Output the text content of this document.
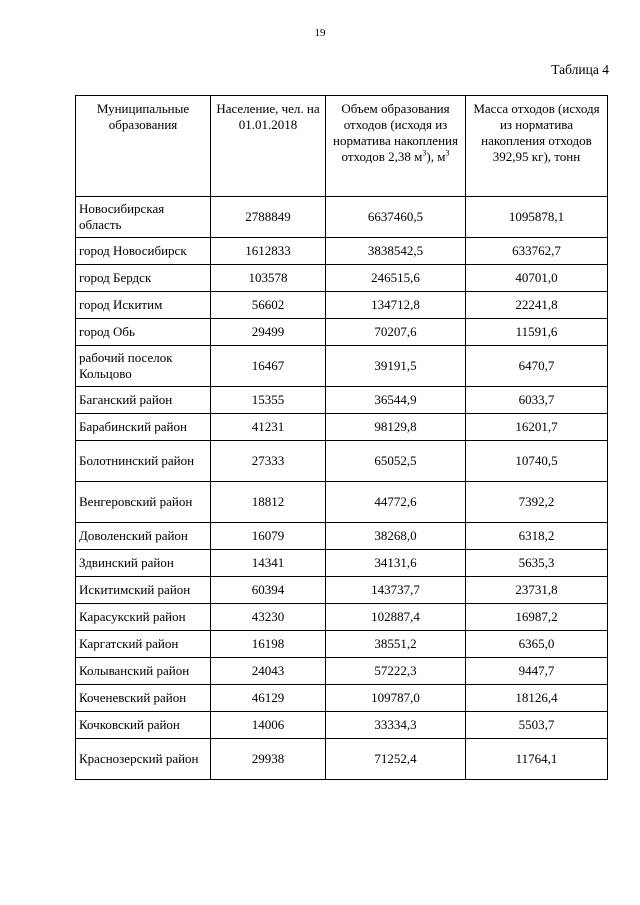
19
Таблица 4
Муниципальные образования	Население, чел. на 01.01.2018	Объем образования отходов (исходя из норматива накопления отходов 2,38 $м^3$), $м^3$	Масса отходов (исходя из норматива накопления отходов 392,95 кг), тонн
Новосибирская область	2788849	6637460,5	1095878,1
город Новосибирск	1612833	3838542,5	633762,7
город Бердск	103578	246515,6	40701,0
город Искитим	56602	134712,8	22241,8
город Обь	29499	70207,6	11591,6
рабочий поселок Кольцово	16467	39191,5	6470,7
Баганский район	15355	36544,9	6033,7
Барабинский район	41231	98129,8	16201,7
Болотнинский район	27333	65052,5	10740,5
Венгеровский район	18812	44772,6	7392,2
Доволенский район	16079	38268,0	6318,2
Здвинский район	14341	34131,6	5635,3
Искитимский район	60394	143737,7	23731,8
Карасукский район	43230	102887,4	16987,2
Каргатский район	16198	38551,2	6365,0
Колыванский район	24043	57222,3	9447,7
Коченевский район	46129	109787,0	18126,4
Кочковский район	14006	33334,3	5503,7
Краснозерский район	29938	71252,4	11764,1
